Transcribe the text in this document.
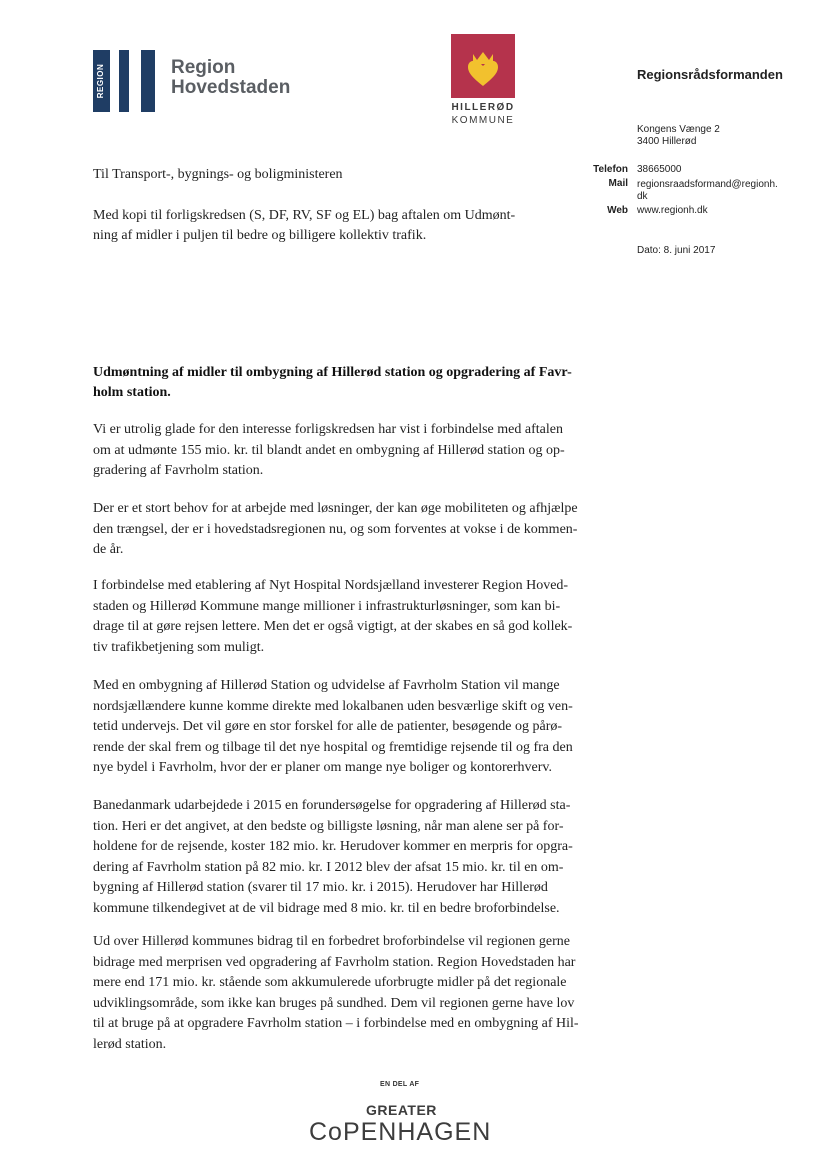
REGION	Region
Hovedstaden
HILLERØD
KOMMUNE
Regionsrådsformanden
Kongens Vænge 2
3400 Hillerød
Telefon 38665000
Mail regionsraadsformand@regionh.
dk
Web www.regionh.dk
Dato: 8. juni 2017
Til Transport-, bygnings- og boligministeren
Med kopi til forligskredsen (S, DF, RV, SF og EL) bag aftalen om Udmønt-
ning af midler i puljen til bedre og billigere kollektiv trafik.
Udmøntning af midler til ombygning af Hillerød station og opgradering af Favr-
holm station.
Vi er utrolig glade for den interesse forligskredsen har vist i forbindelse med aftalen
om at udmønte 155 mio. kr. til blandt andet en ombygning af Hillerød station og op-
gradering af Favrholm station.
Der er et stort behov for at arbejde med løsninger, der kan øge mobiliteten og afhjælpe
den trængsel, der er i hovedstadsregionen nu, og som forventes at vokse i de kommen-
de år.
I forbindelse med etablering af Nyt Hospital Nordsjælland investerer Region Hoved-
staden og Hillerød Kommune mange millioner i infrastrukturløsninger, som kan bi-
drage til at gøre rejsen lettere. Men det er også vigtigt, at der skabes en så god kollek-
tiv trafikbetjening som muligt.
Med en ombygning af Hillerød Station og udvidelse af Favrholm Station vil mange
nordsjællændere kunne komme direkte med lokalbanen uden besværlige skift og ven-
tetid undervejs. Det vil gøre en stor forskel for alle de patienter, besøgende og pårø-
rende der skal frem og tilbage til det nye hospital og fremtidige rejsende til og fra den
nye bydel i Favrholm, hvor der er planer om mange nye boliger og kontorerhverv.
Banedanmark udarbejdede i 2015 en forundersøgelse for opgradering af Hillerød sta-
tion. Heri er det angivet, at den bedste og billigste løsning, når man alene ser på for-
holdene for de rejsende, koster 182 mio. kr. Herudover kommer en merpris for opgra-
dering af Favrholm station på 82 mio. kr. I 2012 blev der afsat 15 mio. kr. til en om-
bygning af Hillerød station (svarer til 17 mio. kr. i 2015). Herudover har Hillerød
kommune tilkendegivet at de vil bidrage med 8 mio. kr. til en bedre broforbindelse.
Ud over Hillerød kommunes bidrag til en forbedret broforbindelse vil regionen gerne
bidrage med merprisen ved opgradering af Favrholm station. Region Hovedstaden har
mere end 171 mio. kr. stående som akkumulerede uforbrugte midler på det regionale
udviklingsområde, som ikke kan bruges på sundhed. Dem vil regionen gerne have lov
til at bruge på at opgradere Favrholm station – i forbindelse med en ombygning af Hil-
lerød station.
EN DEL AF
GREATER
CoPENHAGEN
